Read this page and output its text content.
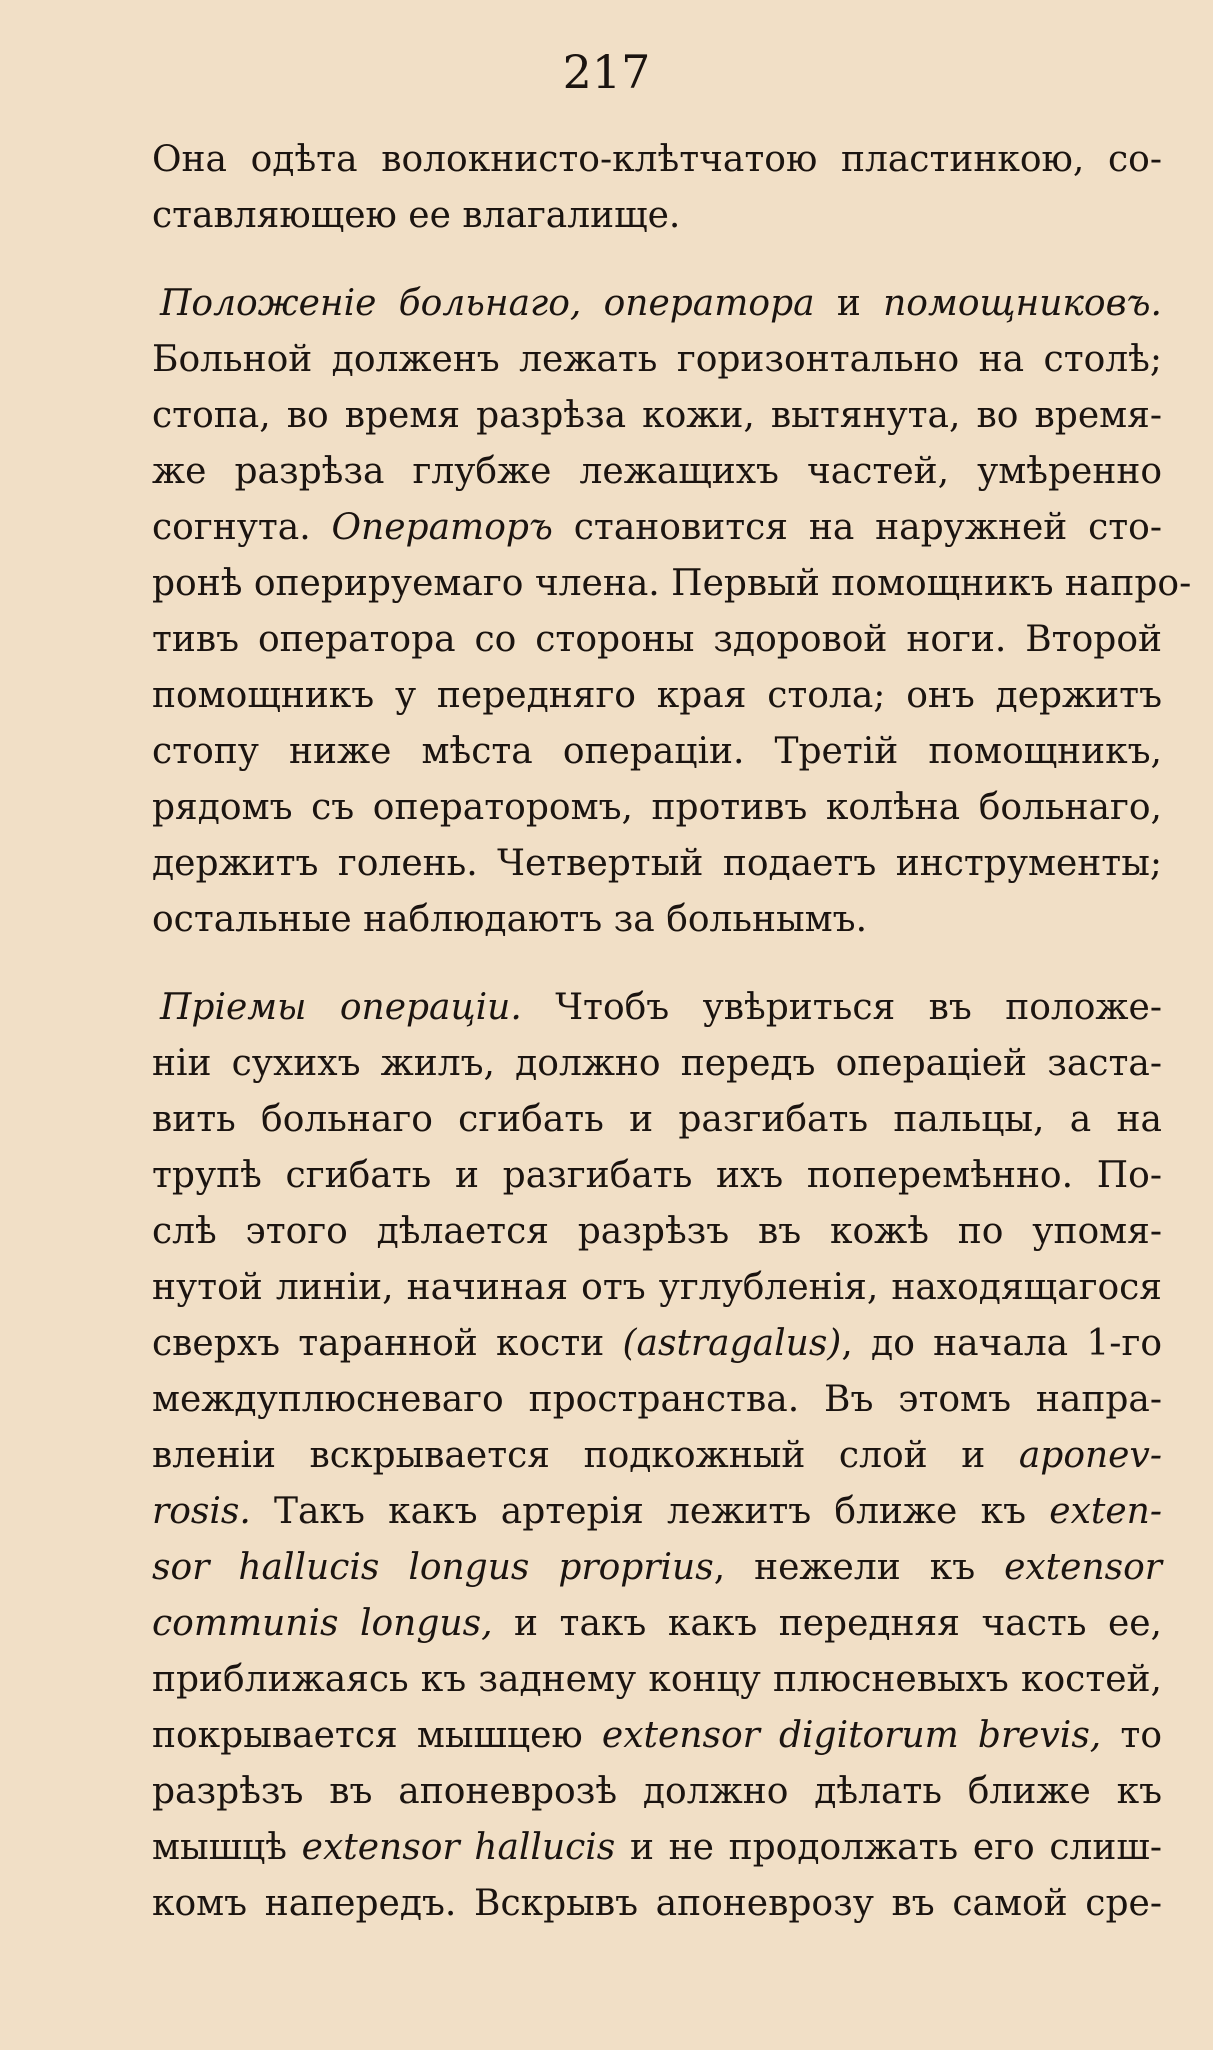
217
Она одѣта волокнисто-клѣтчатою пластинкою, со-
ставляющею ее влагалище.
Положеніе больнаго, оператора и помощниковъ.
Больной долженъ лежать горизонтально на столѣ;
стопа, во время разрѣза кожи, вытянута, во время-
же разрѣза глубже лежащихъ частей, умѣренно
согнута. Операторъ становится на наружней сто-
ронѣ оперируемаго члена. Первый помощникъ напро-
тивъ оператора со стороны здоровой ноги. Второй
помощникъ у передняго края стола; онъ держитъ
стопу ниже мѣста операціи. Третій помощникъ,
рядомъ съ операторомъ, противъ колѣна больнаго,
держитъ голень. Четвертый подаетъ инструменты;
остальные наблюдаютъ за больнымъ.
Пріемы операціи. Чтобъ увѣриться въ положе-
ніи сухихъ жилъ, должно передъ операціей заста-
вить больнаго сгибать и разгибать пальцы, а на
трупѣ сгибать и разгибать ихъ поперемѣнно. По-
слѣ этого дѣлается разрѣзъ въ кожѣ по упомя-
нутой линіи, начиная отъ углубленія, находящагося
сверхъ таранной кости (astragalus), до начала 1-го
междуплюсневаго пространства. Въ этомъ напра-
вленіи вскрывается подкожный слой и aponev-
rosis. Такъ какъ артерія лежитъ ближе къ exten-
sor hallucis longus proprius, нежели къ extensor
communis longus, и такъ какъ передняя часть ее,
приближаясь къ заднему концу плюсневыхъ костей,
покрывается мышцею extensor digitorum brevis, то
разрѣзъ въ апоневрозѣ должно дѣлать ближе къ
мышцѣ extensor hallucis и не продолжать его слиш-
комъ напередъ. Вскрывъ апоневрозу въ самой сре-
